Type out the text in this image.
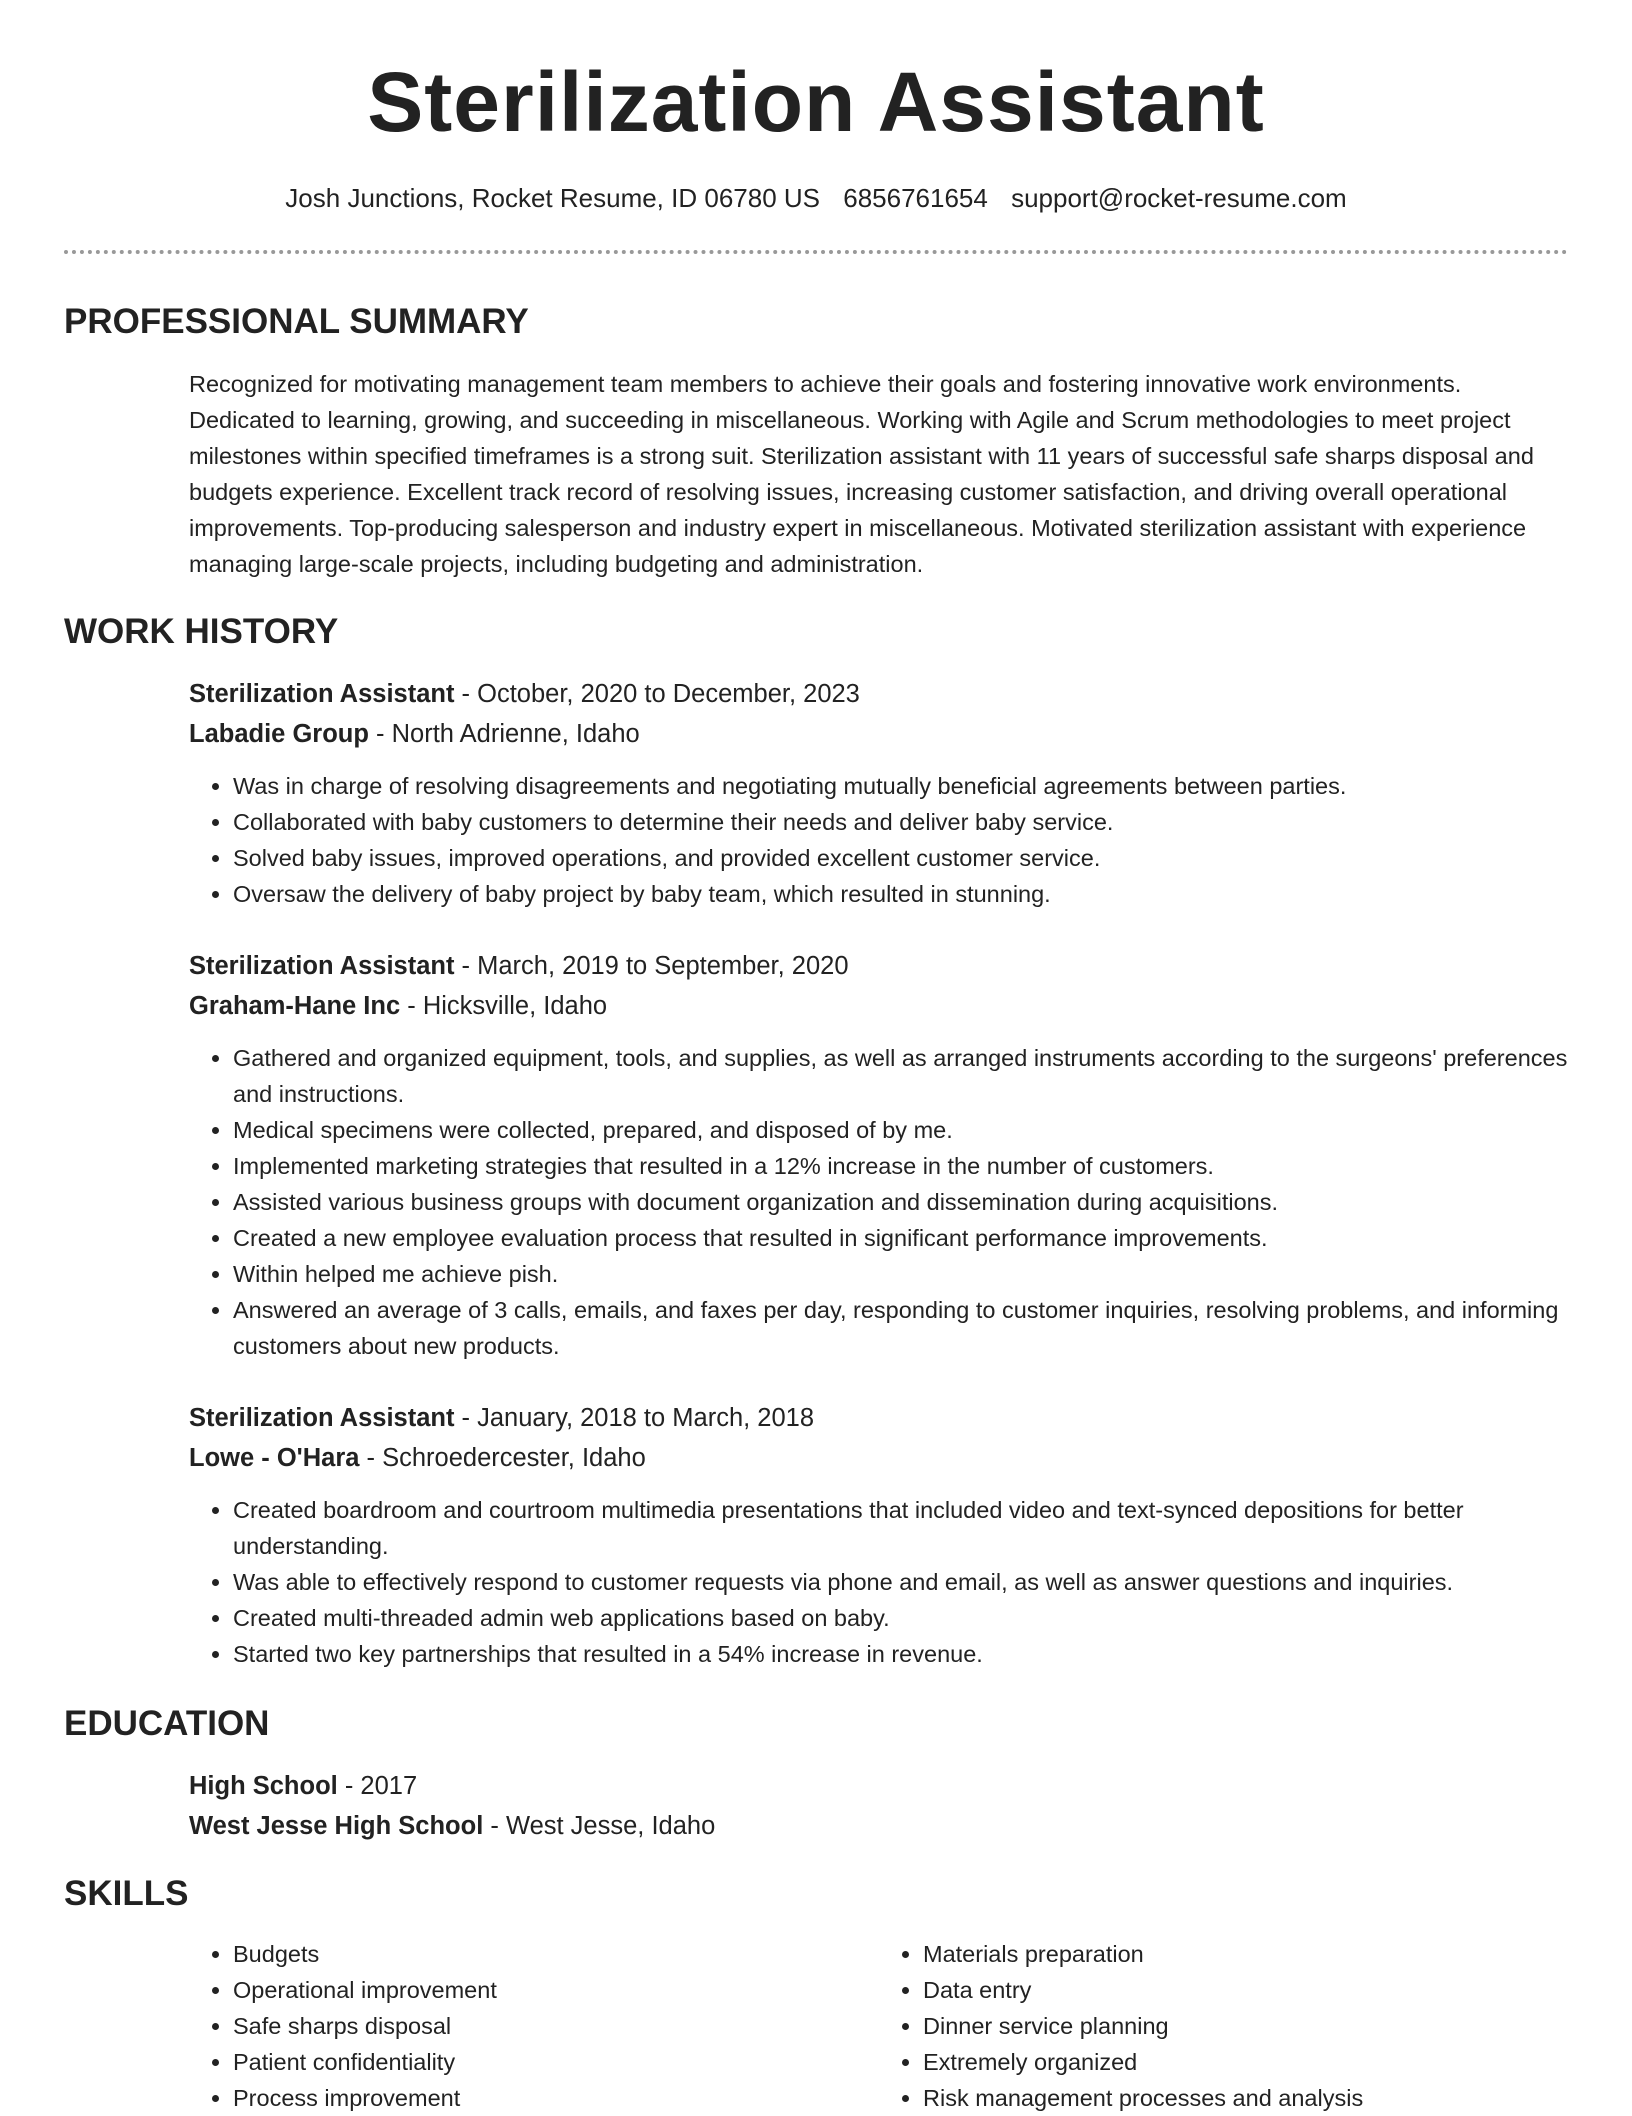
Sterilization Assistant
Josh Junctions, Rocket Resume, ID 06780 US 6856761654 support@rocket-resume.com
PROFESSIONAL SUMMARY

Recognized for motivating management team members to achieve their goals and fostering innovative work environments. Dedicated to learning, growing, and succeeding in miscellaneous. Working with Agile and Scrum methodologies to meet project milestones within specified timeframes is a strong suit. Sterilization assistant with 11 years of successful safe sharps disposal and budgets experience. Excellent track record of resolving issues, increasing customer satisfaction, and driving overall operational improvements. Top-producing salesperson and industry expert in miscellaneous. Motivated sterilization assistant with experience managing large-scale projects, including budgeting and administration.

WORK HISTORY

Sterilization Assistant - October, 2020 to December, 2023

Labadie Group - North Adrienne, Idaho

• Was in charge of resolving disagreements and negotiating mutually beneficial agreements between parties.
• Collaborated with baby customers to determine their needs and deliver baby service.
• Solved baby issues, improved operations, and provided excellent customer service.
• Oversaw the delivery of baby project by baby team, which resulted in stunning.

Sterilization Assistant - March, 2019 to September, 2020

Graham-Hane Inc - Hicksville, Idaho

• Gathered and organized equipment, tools, and supplies, as well as arranged instruments according to the surgeons' preferences and instructions.
• Medical specimens were collected, prepared, and disposed of by me.
• Implemented marketing strategies that resulted in a 12% increase in the number of customers.
• Assisted various business groups with document organization and dissemination during acquisitions.
• Created a new employee evaluation process that resulted in significant performance improvements.
• Within helped me achieve pish.
• Answered an average of 3 calls, emails, and faxes per day, responding to customer inquiries, resolving problems, and informing customers about new products.

Sterilization Assistant - January, 2018 to March, 2018

Lowe - O'Hara - Schroedercester, Idaho

• Created boardroom and courtroom multimedia presentations that included video and text-synced depositions for better understanding.
• Was able to effectively respond to customer requests via phone and email, as well as answer questions and inquiries.
• Created multi-threaded admin web applications based on baby.
• Started two key partnerships that resulted in a 54% increase in revenue.
EDUCATION

High School - 2017

West Jesse High School - West Jesse, Idaho

SKILLS
• Budgets
• Operational improvement
• Safe sharps disposal
• Patient confidentiality
• Process improvement
• Materials preparation
• Data entry
• Dinner service planning
• Extremely organized
• Risk management processes and analysis
